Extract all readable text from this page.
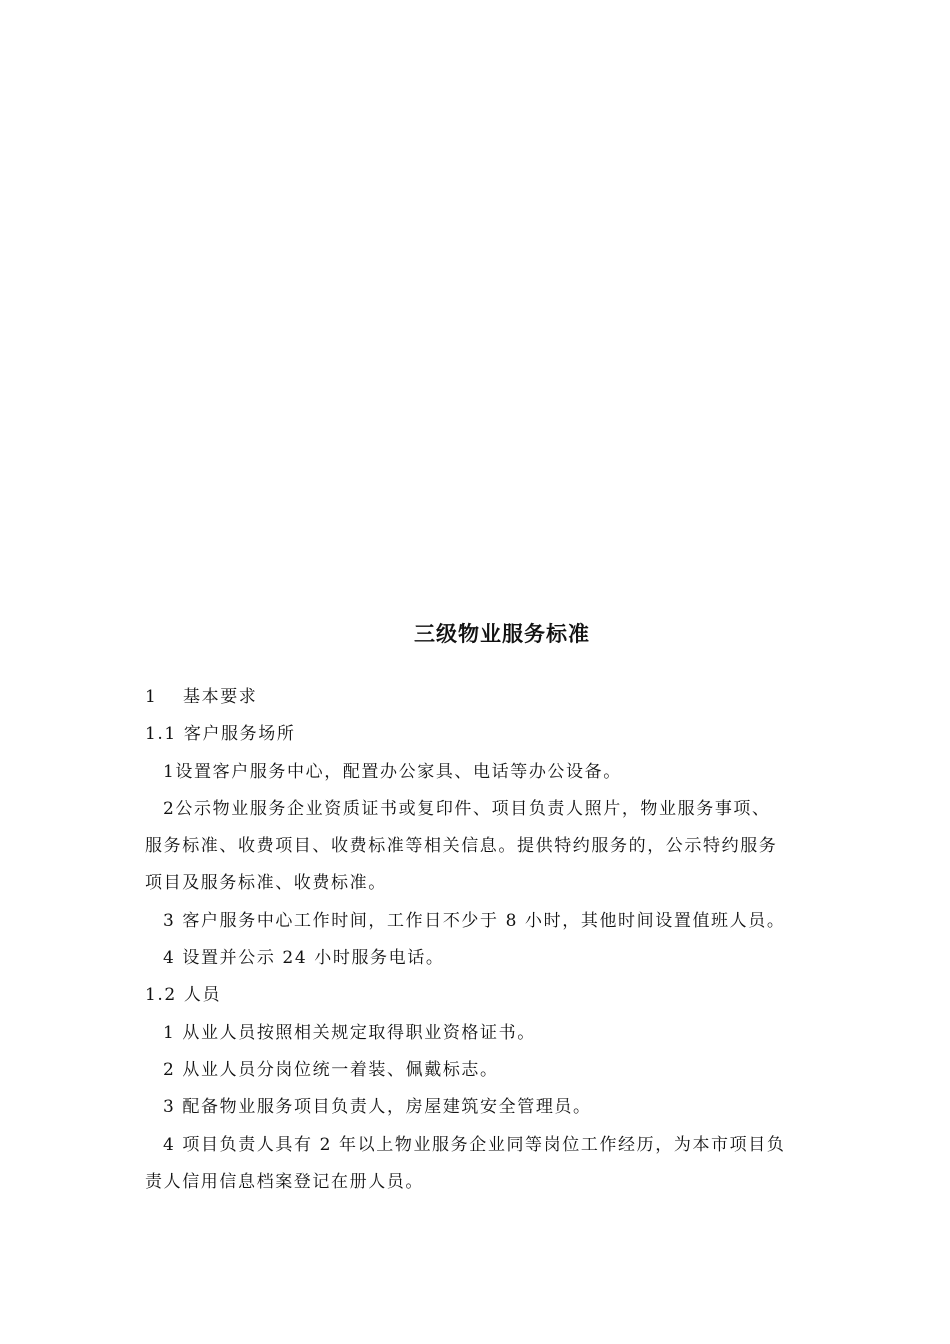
三级物业服务标准

1 基本要求

1.1 客户服务场所

1设置客户服务中心，配置办公家具、电话等办公设备。

2公示物业服务企业资质证书或复印件、项目负责人照片，物业服务事项、

服务标准、收费项目、收费标准等相关信息。提供特约服务的，公示特约服务

项目及服务标准、收费标准。

3 客户服务中心工作时间，工作日不少于 8 小时，其他时间设置值班人员。

4 设置并公示 24 小时服务电话。

1.2 人员

1 从业人员按照相关规定取得职业资格证书。

2 从业人员分岗位统一着装、佩戴标志。

3 配备物业服务项目负责人，房屋建筑安全管理员。

4 项目负责人具有 2 年以上物业服务企业同等岗位工作经历，为本市项目负

责人信用信息档案登记在册人员。
